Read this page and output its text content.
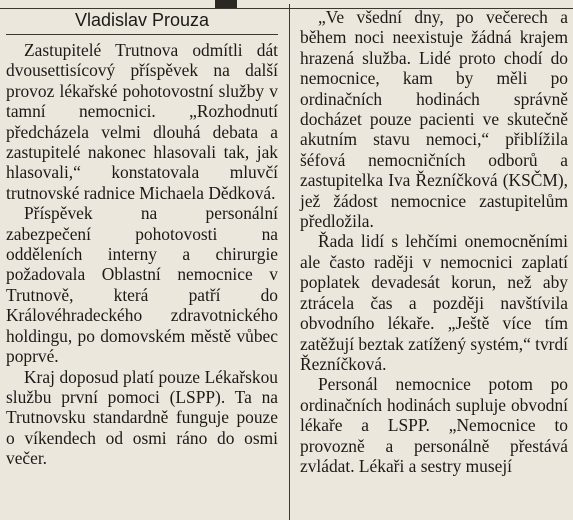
Vladislav Prouza

Zastupitelé Trutnova odmítli dát dvousettisícový příspěvek na další provoz lékařské pohotovostní služby v tamní nemocnici. „Rozhodnutí předcházela velmi dlouhá debata a zastupitelé nakonec hlasovali tak, jak hlasovali,“ konstatovala mluvčí trutnovské radnice Michaela Dědková.

Příspěvek na personální zabezpečení pohotovosti na odděleních interny a chirurgie požadovala Oblastní nemocnice v Trutnově, která patří do Královéhradeckého zdravotnického holdingu, po domovském městě vůbec poprvé.

Kraj doposud platí pouze Lékařskou službu první pomoci (LSPP). Ta na Trutnovsku standardně funguje pouze o víkendech od osmi ráno do osmi večer.

„Ve všední dny, po večerech a během noci neexistuje žádná krajem hrazená služba. Lidé proto chodí do nemocnice, kam by měli po ordinačních hodinách správně docházet pouze pacienti ve skutečně akutním stavu nemoci,“ přiblížila šéfová nemocničních odborů a zastupitelka Iva Řezníčková (KSČM), jež žádost nemocnice zastupitelům předložila.

Řada lidí s lehčími onemocněními ale často raději v nemocnici zaplatí poplatek devadesát korun, než aby ztrácela čas a později navštívila obvodního lékaře. „Ještě více tím zatěžují beztak zatížený systém,“ tvrdí Řezníčková.

Personál nemocnice potom po ordinačních hodinách supluje obvodní lékaře a LSPP. „Nemocnice to provozně a personálně přestává zvládat. Lékaři a sestry musejí
